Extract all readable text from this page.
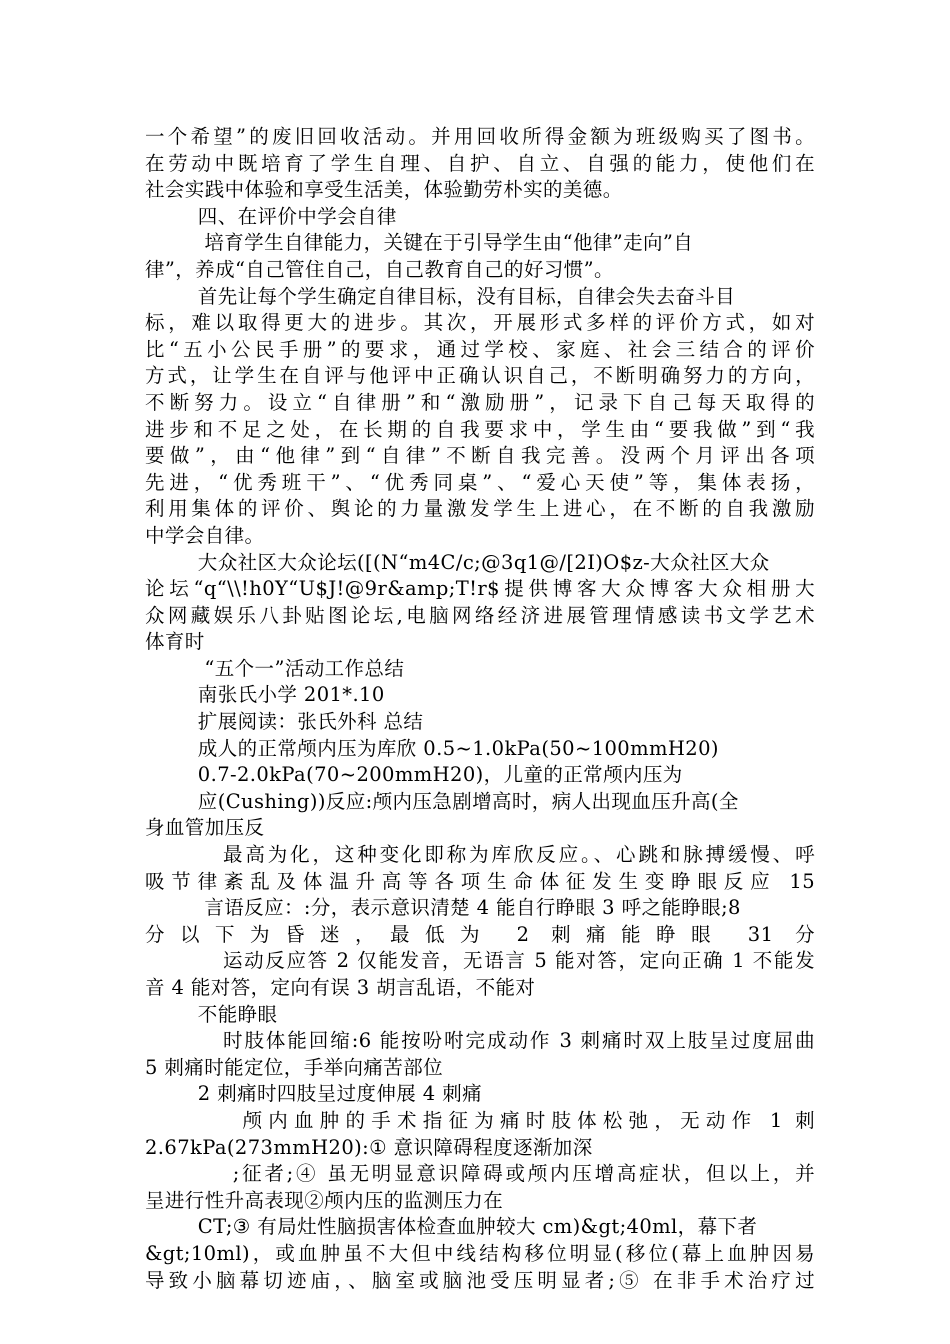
一个希望”的废旧回收活动。并用回收所得金额为班级购买了图书。
在劳动中既培育了学生自理、自护、自立、自强的能力，使他们在
社会实践中体验和享受生活美，体验勤劳朴实的美德。
四、在评价中学会自律
培育学生自律能力，关键在于引导学生由“他律”走向”自
律”，养成“自己管住自己，自己教育自己的好习惯”。
首先让每个学生确定自律目标，没有目标，自律会失去奋斗目
标，难以取得更大的进步。其次，开展形式多样的评价方式，如对
比“五小公民手册”的要求，通过学校、家庭、社会三结合的评价
方式，让学生在自评与他评中正确认识自己，不断明确努力的方向，
不断努力。设立“自律册”和“激励册”，记录下自己每天取得的
进步和不足之处，在长期的自我要求中，学生由“要我做”到“我
要做”，由“他律”到“自律”不断自我完善。没两个月评出各项
先进，“优秀班干”、“优秀同桌”、“爱心天使”等，集体表扬，
利用集体的评价、舆论的力量激发学生上进心，在不断的自我激励
中学会自律。
大众社区大众论坛([(N“m4C/c;@3q1@/[2I)O$z-大众社区大众
论坛“q“\\!h0Y“U$J!@9r&amp;T!r$提供博客大众博客大众相册大
众网藏娱乐八卦贴图论坛,电脑网络经济进展管理情感读书文学艺术
体育时
“五个一”活动工作总结
南张氏小学 201*.10
扩展阅读：张氏外科 总结
成人的正常颅内压为库欣 0.5~1.0kPa(50~100mmH20)
0.7-2.0kPa(70~200mmH20)，儿童的正常颅内压为
应(Cushing))反应:颅内压急剧增高时，病人出现血压升高(全
身血管加压反
最高为化，这种变化即称为库欣反应。、心跳和脉搏缓慢、呼
吸节律紊乱及体温升高等各项生命体征发生变睁眼反应 15
言语反应：:分，表示意识清楚 4 能自行睁眼 3 呼之能睁眼;8
分以下为昏迷，最低为 2 刺痛能睁眼 31 分
运动反应答 2 仅能发音，无语言 5 能对答，定向正确 1 不能发
音 4 能对答，定向有误 3 胡言乱语，不能对
不能睁眼
时肢体能回缩:6 能按吩咐完成动作 3 刺痛时双上肢呈过度屈曲
5 刺痛时能定位，手举向痛苦部位
2 刺痛时四肢呈过度伸展 4 刺痛
颅内血肿的手术指征为痛时肢体松弛，无动作 1 刺
2.67kPa(273mmH20):① 意识障碍程度逐渐加深
;征者;④ 虽无明显意识障碍或颅内压增高症状，但以上，并
呈进行性升高表现②颅内压的监测压力在
CT;③ 有局灶性脑损害体检查血肿较大 cm)&gt;40ml，幕下者
&gt;10ml)，或血肿虽不大但中线结构移位明显(移位(幕上血肿因易
导致小脑幕切迹庙，、脑室或脑池受压明显者;⑤ 在非手术治疗过
